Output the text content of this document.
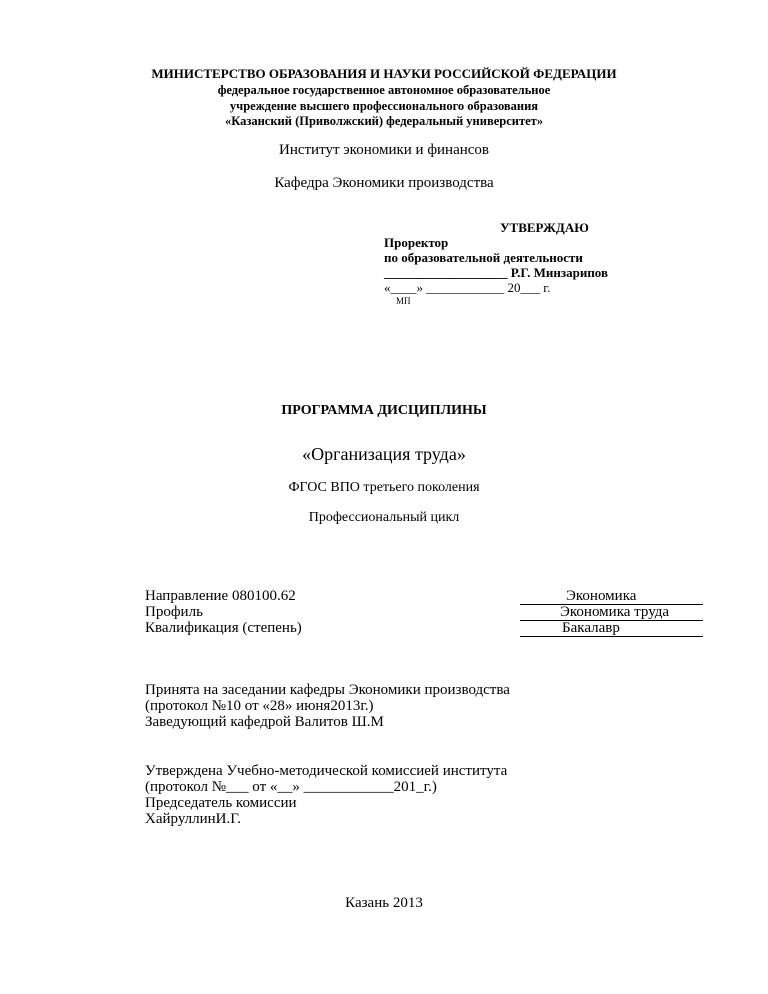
МИНИСТЕРСТВО ОБРАЗОВАНИЯ И НАУКИ РОССИЙСКОЙ ФЕДЕРАЦИИ
федеральное государственное автономное образовательное
учреждение высшего профессионального образования
«Казанский (Приволжский) федеральный университет»
Институт экономики и финансов
Кафедра Экономики производства
УТВЕРЖДАЮ
Проректор
по образовательной деятельности
___________________ Р.Г. Минзарипов
«____» ____________ 20___ г.
МП
ПРОГРАММА ДИСЦИПЛИНЫ
«Организация труда»
ФГОС ВПО третьего поколения
Профессиональный цикл
Направление 080100.62	Экономика
Профиль	Экономика труда
Квалификация (степень)	Бакалавр
Принята на заседании кафедры Экономики производства
(протокол №10 от «28» июня2013г.)
Заведующий кафедрой Валитов Ш.М
Утверждена Учебно-методической комиссией института
(протокол №___ от «__» ____________201_г.)
Председатель комиссии
ХайруллинИ.Г.
Казань 2013
